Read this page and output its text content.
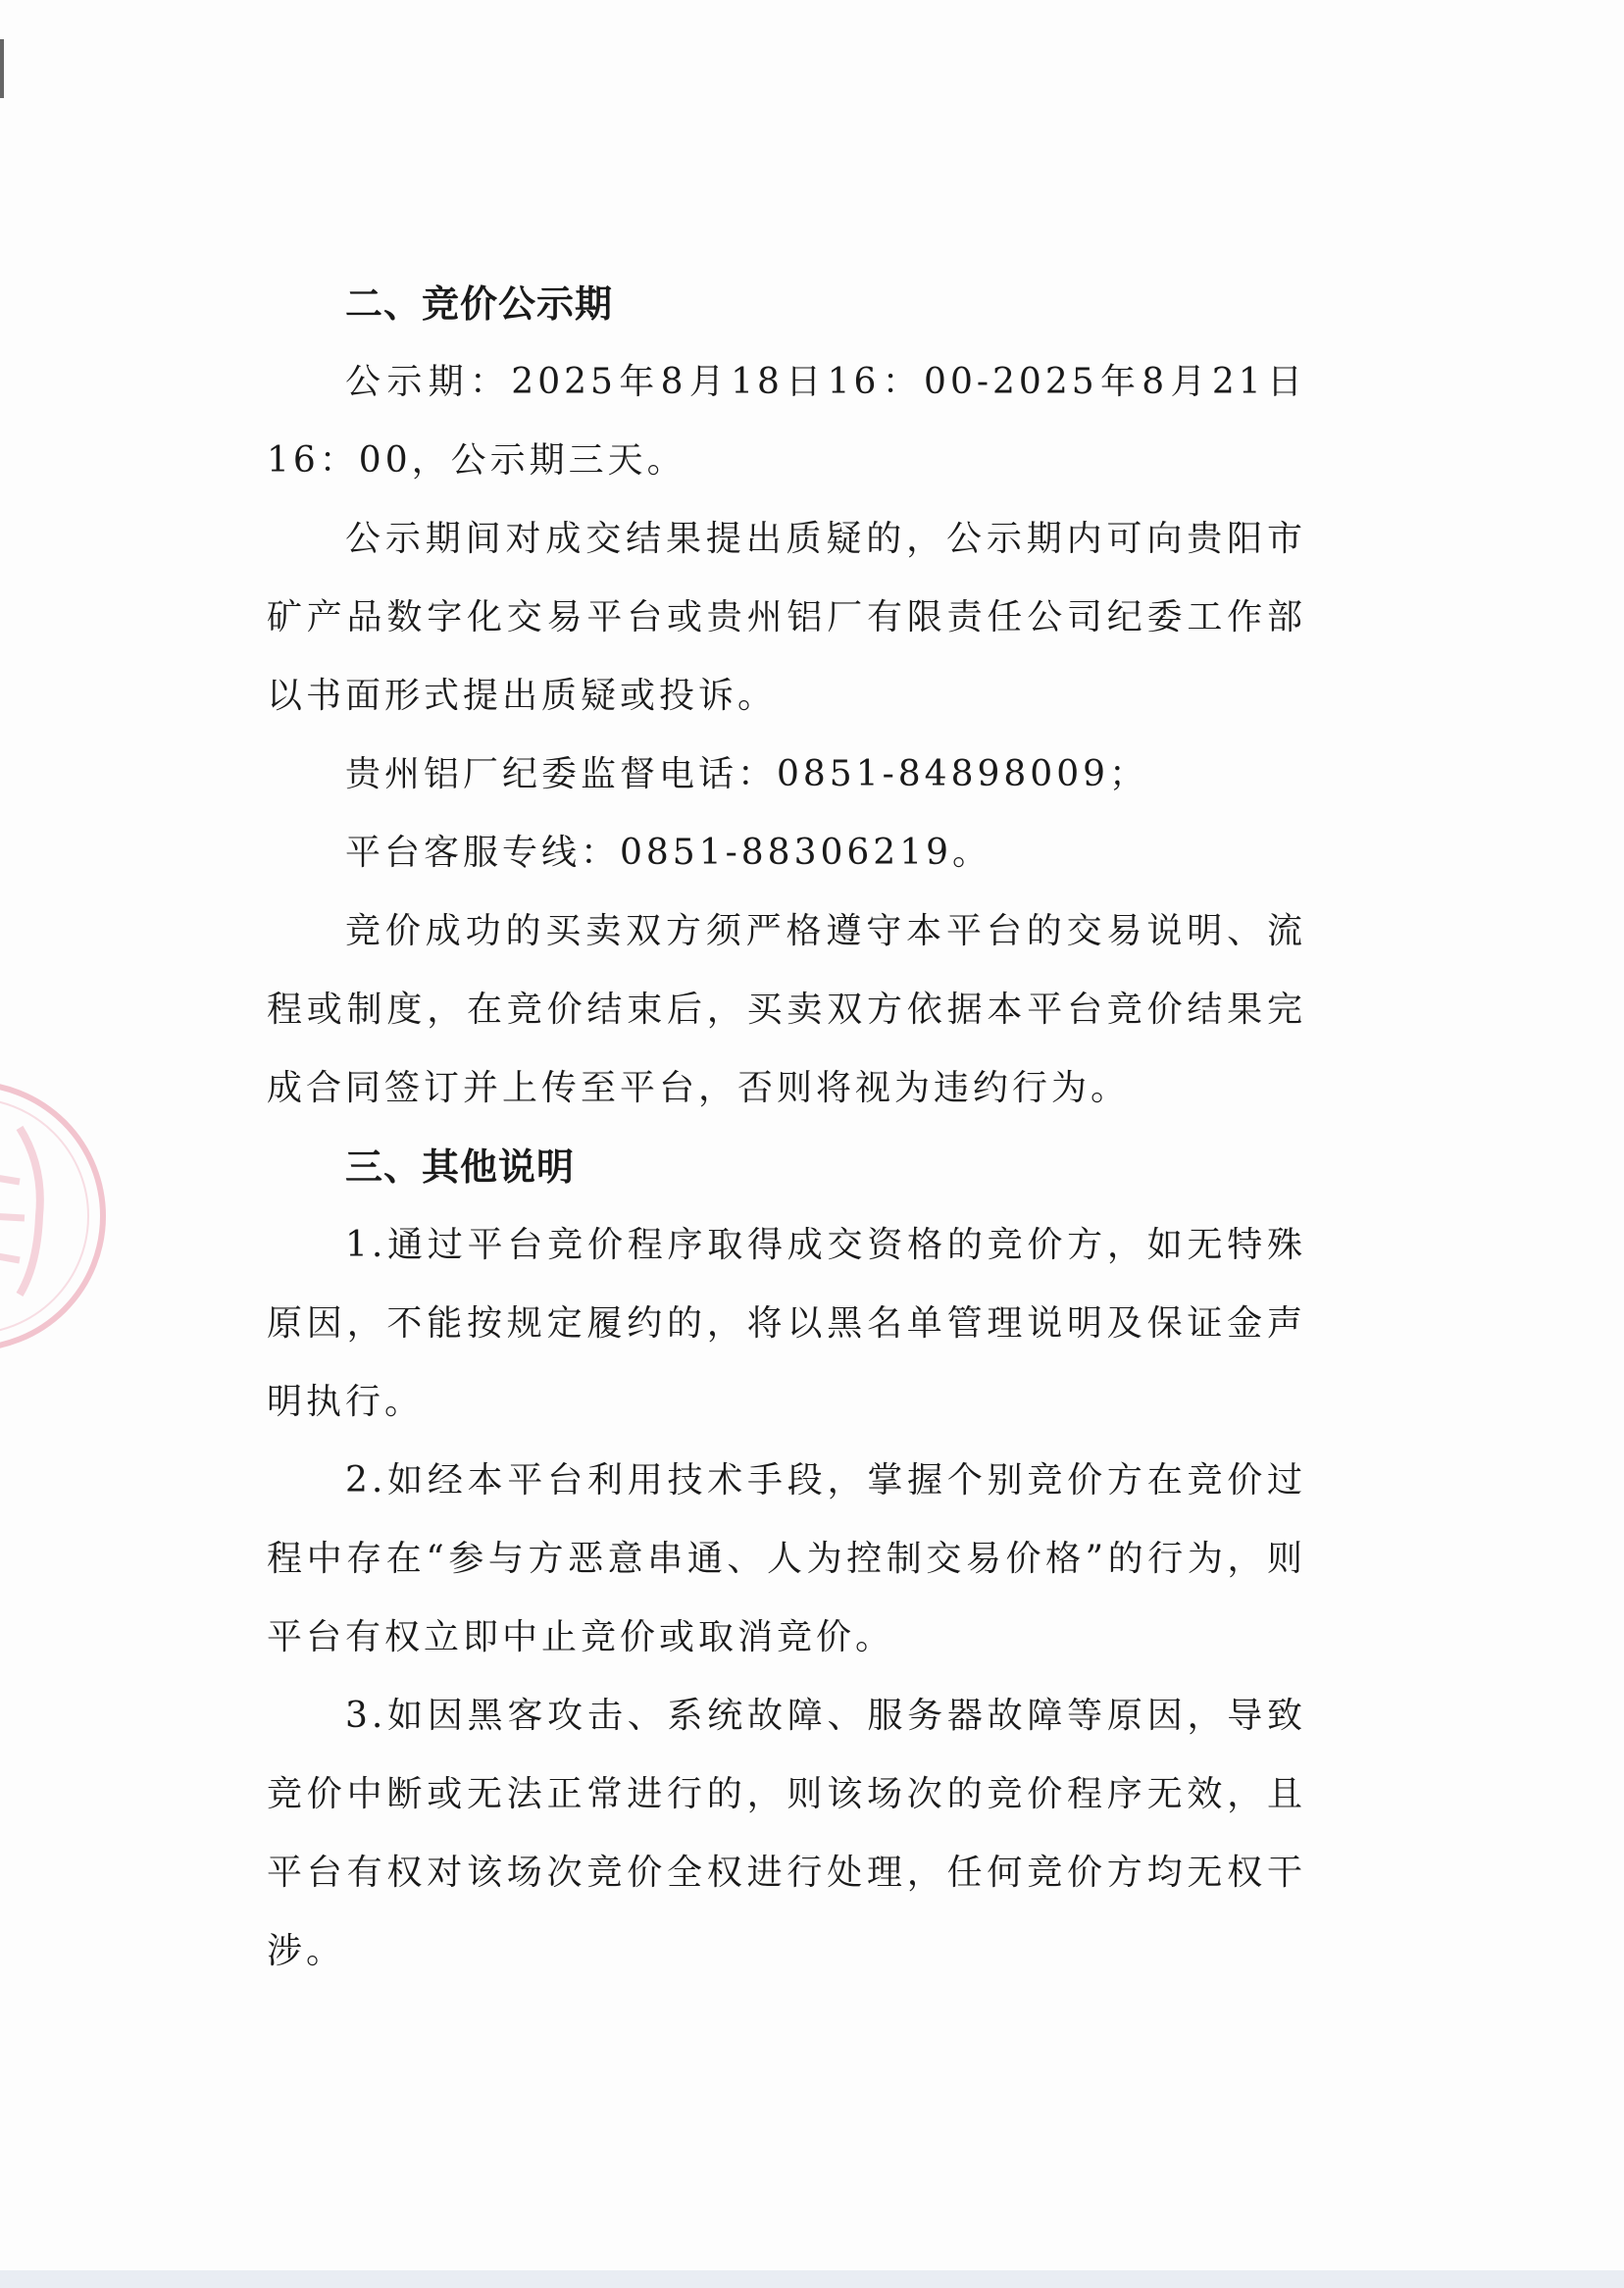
二、竞价公示期

公示期：2025年8月18日16：00-2025年8月21日16：00，公示期三天。

公示期间对成交结果提出质疑的，公示期内可向贵阳市矿产品数字化交易平台或贵州铝厂有限责任公司纪委工作部以书面形式提出质疑或投诉。

贵州铝厂纪委监督电话：0851-84898009；

平台客服专线：0851-88306219。

竞价成功的买卖双方须严格遵守本平台的交易说明、流程或制度，在竞价结束后，买卖双方依据本平台竞价结果完成合同签订并上传至平台，否则将视为违约行为。

三、其他说明

1.通过平台竞价程序取得成交资格的竞价方，如无特殊原因，不能按规定履约的，将以黑名单管理说明及保证金声明执行。

2.如经本平台利用技术手段，掌握个别竞价方在竞价过程中存在“参与方恶意串通、人为控制交易价格”的行为，则平台有权立即中止竞价或取消竞价。

3.如因黑客攻击、系统故障、服务器故障等原因，导致竞价中断或无法正常进行的，则该场次的竞价程序无效，且平台有权对该场次竞价全权进行处理，任何竞价方均无权干涉。
